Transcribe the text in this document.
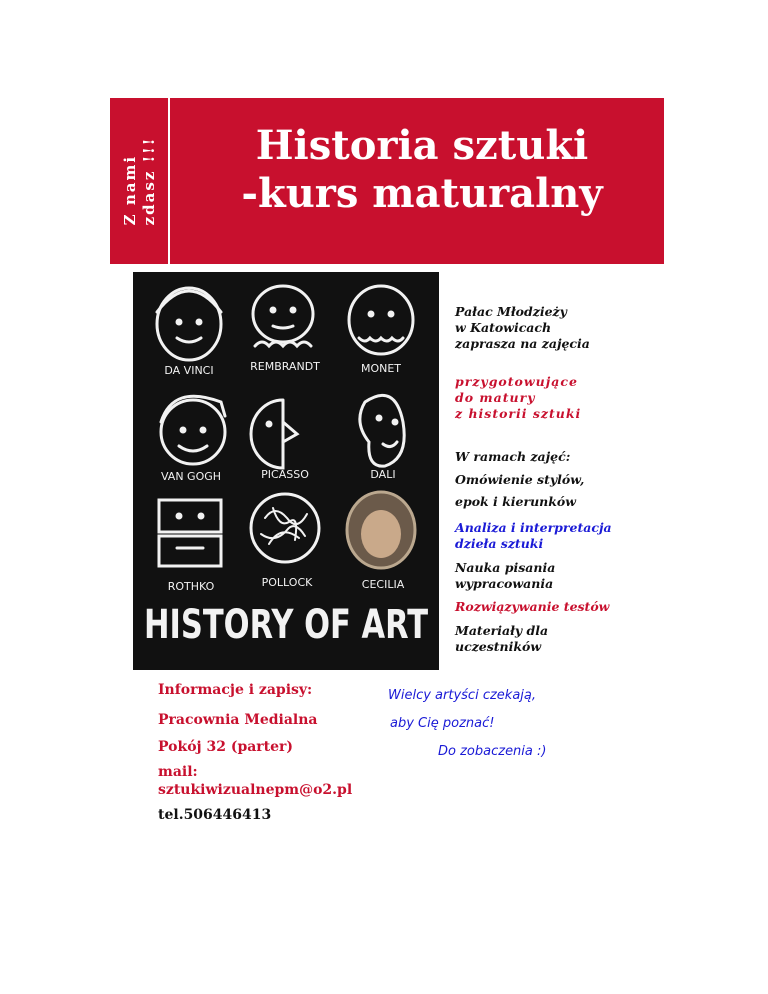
Z nami
zdasz !!!	Historia sztuki
-kurs maturalny
DA VINCI	REMBRANDT	MONET
VAN GOGH	PICASSO	DALI
ROTHKO	POLLOCK	CECILIA
HISTORY OF ART
Pałac Młodzieży
w Katowicach
zaprasza na zajęcia
przygotowujące
do matury
z historii sztuki
W ramach zajęć:
Omówienie stylów,
epok i kierunków
Analiza i interpretacja
dzieła sztuki
Nauka pisania
wypracowania
Rozwiązywanie testów
Materiały dla
uczestników
Informacje i zapisy:
Pracownia Medialna
Pokój 32 (parter)
mail:
sztukiwizualnepm@o2.pl
tel.506446413
Wielcy artyści czekają,
aby Cię poznać!
Do zobaczenia :)
